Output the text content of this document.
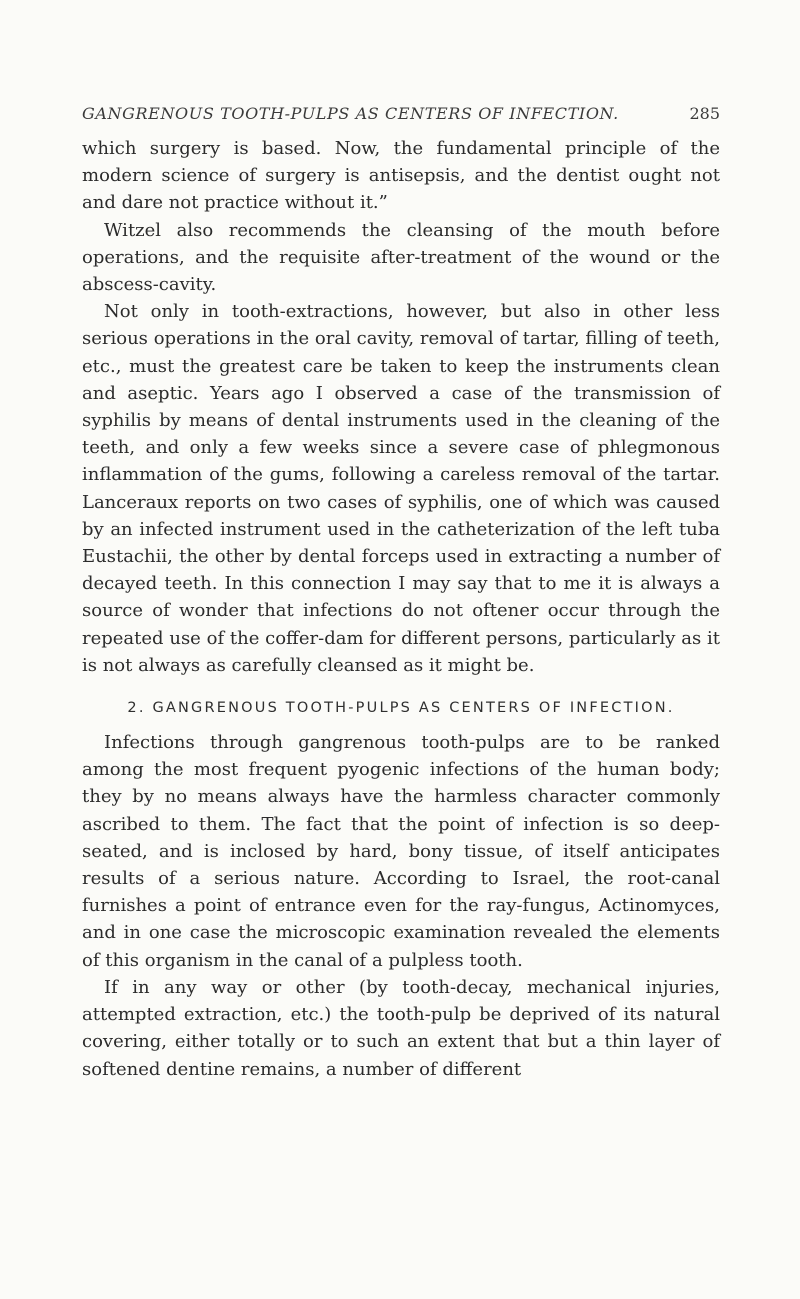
GANGRENOUS TOOTH-PULPS AS CENTERS OF INFECTION.	285

which surgery is based. Now, the fundamental principle of the modern science of surgery is antisepsis, and the dentist ought not and dare not practice without it.”

Witzel also recommends the cleansing of the mouth before operations, and the requisite after-treatment of the wound or the abscess-cavity.

Not only in tooth-extractions, however, but also in other less serious operations in the oral cavity, removal of tartar, filling of teeth, etc., must the greatest care be taken to keep the instruments clean and aseptic. Years ago I observed a case of the transmission of syphilis by means of dental instruments used in the cleaning of the teeth, and only a few weeks since a severe case of phlegmonous inflammation of the gums, following a careless removal of the tartar. Lanceraux reports on two cases of syphilis, one of which was caused by an infected instrument used in the catheterization of the left tuba Eustachii, the other by dental forceps used in extracting a number of decayed teeth. In this connection I may say that to me it is always a source of wonder that infections do not oftener occur through the repeated use of the coffer-dam for different persons, particularly as it is not always as carefully cleansed as it might be.

2. GANGRENOUS TOOTH-PULPS AS CENTERS OF INFECTION.

Infections through gangrenous tooth-pulps are to be ranked among the most frequent pyogenic infections of the human body; they by no means always have the harmless character commonly ascribed to them. The fact that the point of infection is so deep-seated, and is inclosed by hard, bony tissue, of itself anticipates results of a serious nature. According to Israel, the root-canal furnishes a point of entrance even for the ray-fungus, Actinomyces, and in one case the microscopic examination revealed the elements of this organism in the canal of a pulpless tooth.

If in any way or other (by tooth-decay, mechanical injuries, attempted extraction, etc.) the tooth-pulp be deprived of its natural covering, either totally or to such an extent that but a thin layer of softened dentine remains, a number of different
